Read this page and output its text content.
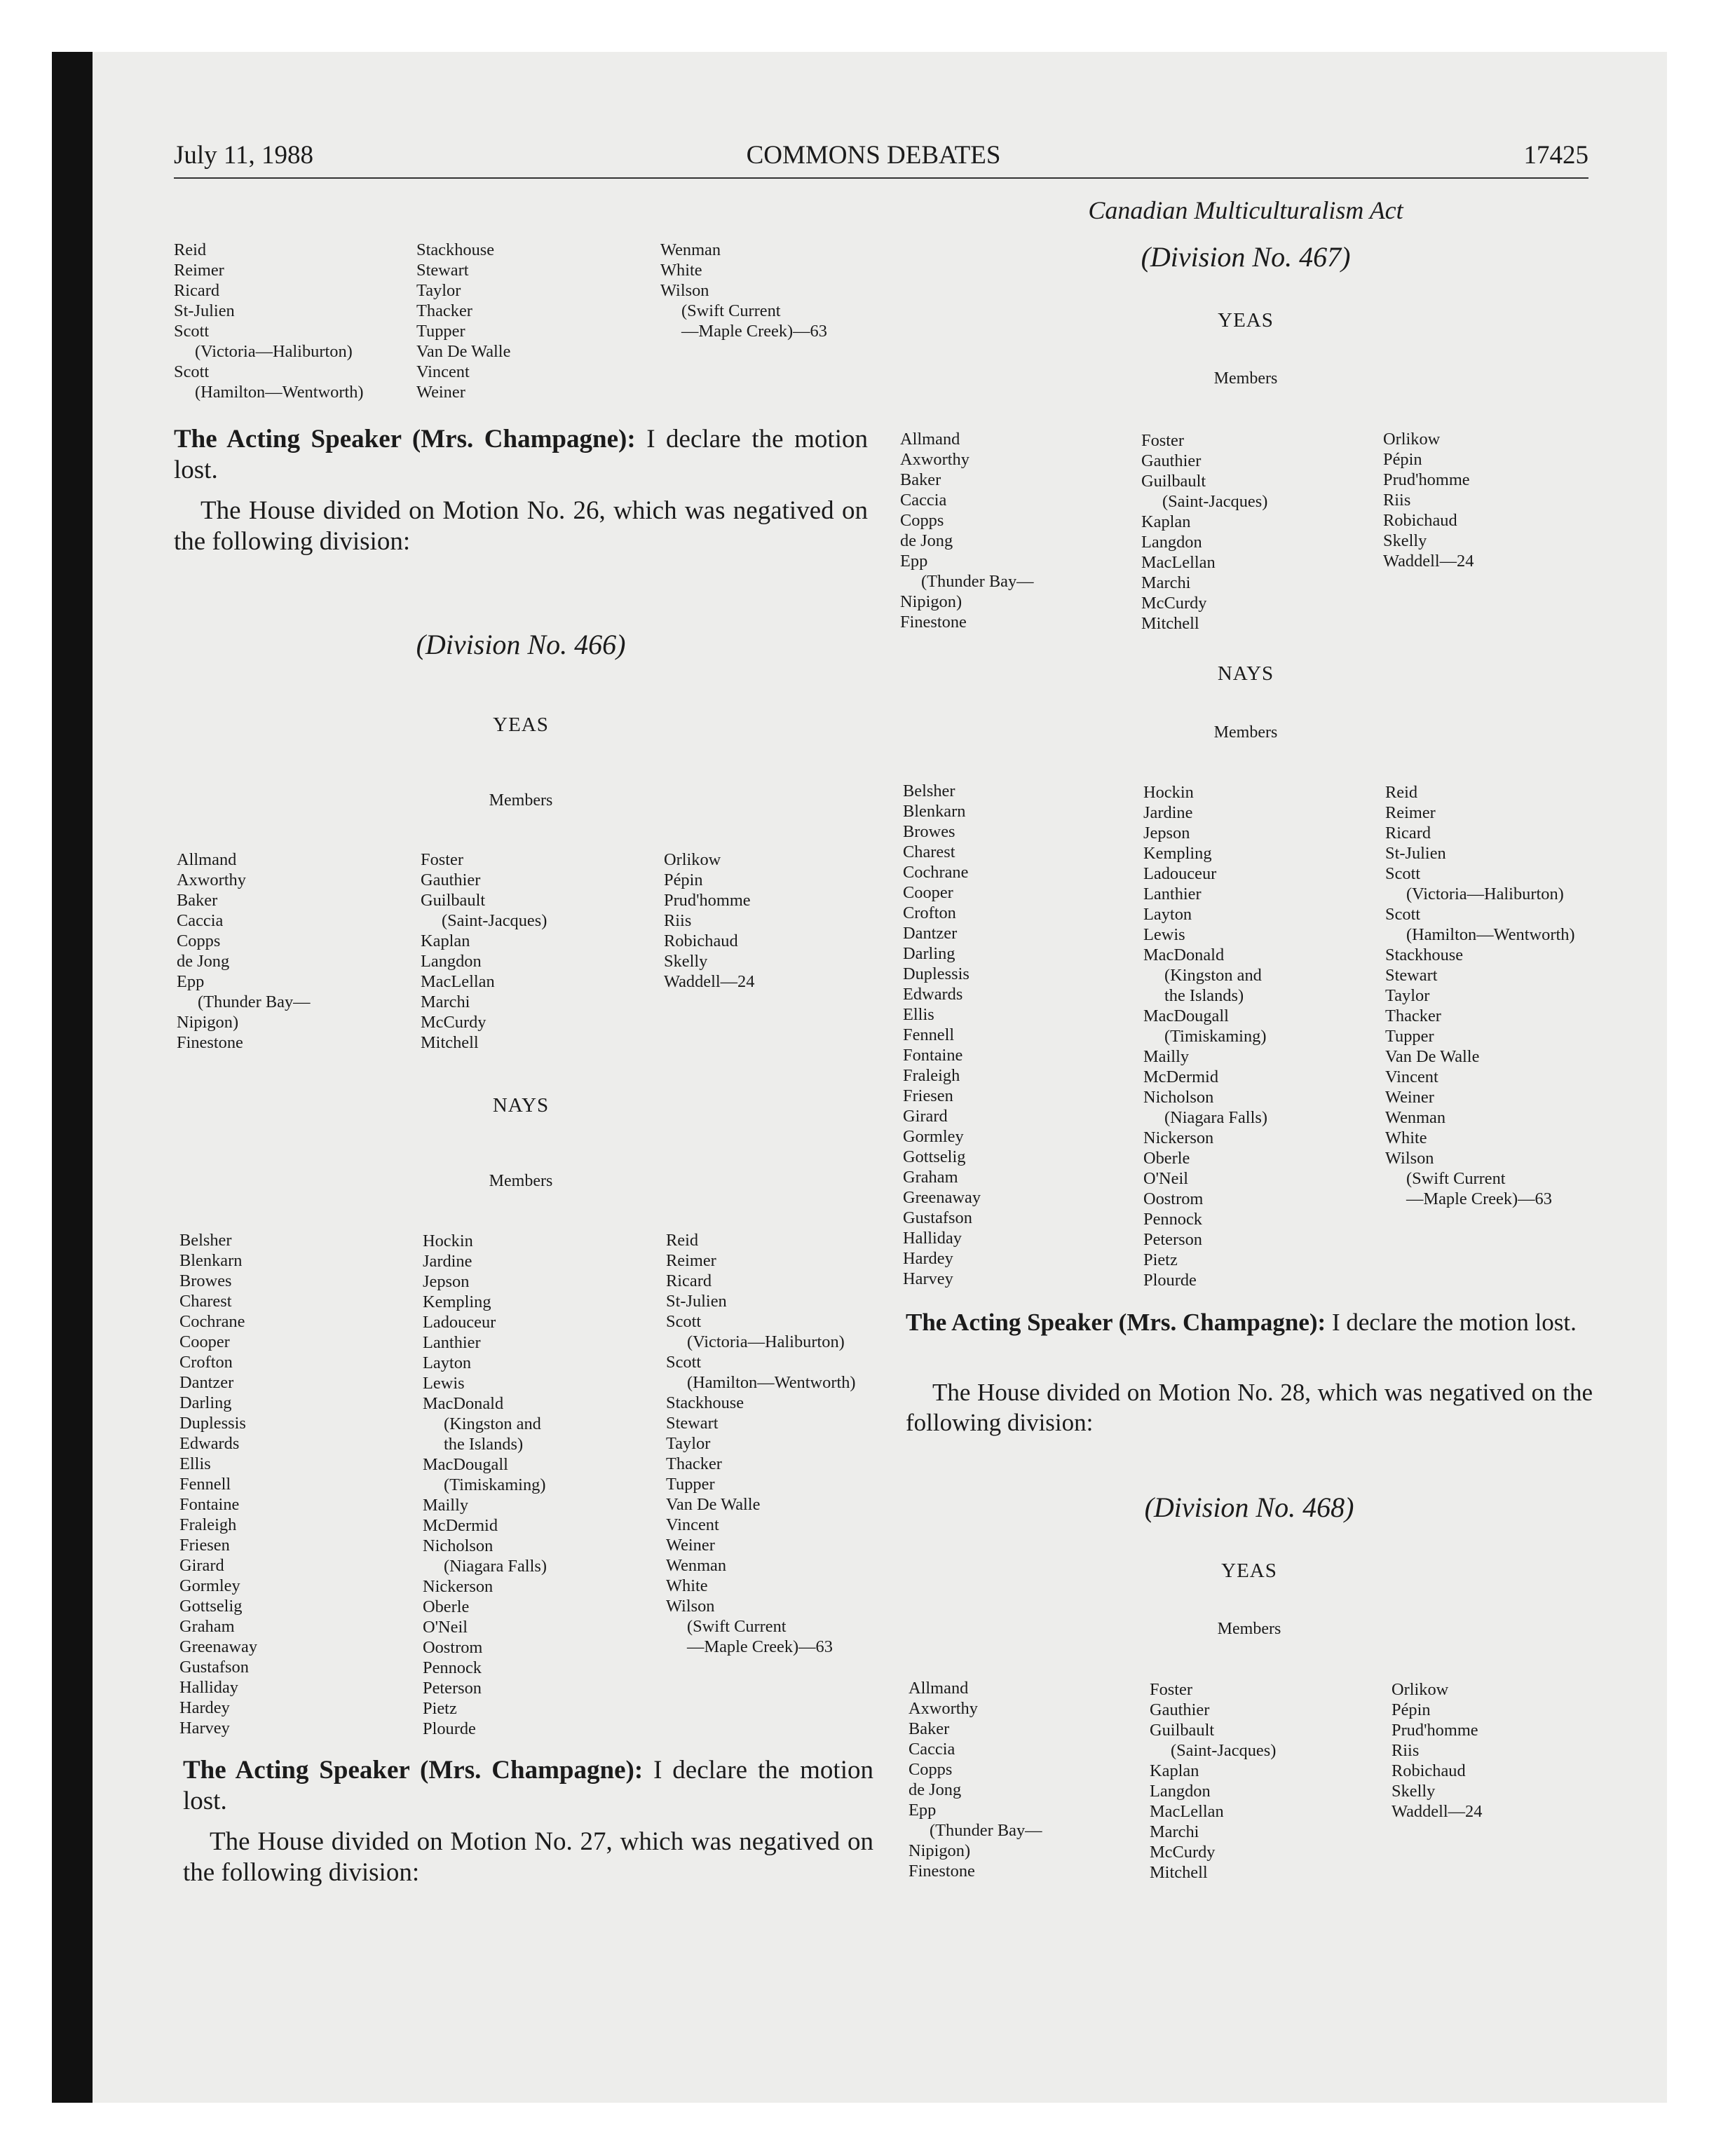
July 11, 1988	COMMONS DEBATES	17425
Reid
Reimer
Ricard
St-Julien
Scott
(Victoria—Haliburton)
Scott
(Hamilton—Wentworth)
Stackhouse
Stewart
Taylor
Thacker
Tupper
Van De Walle
Vincent
Weiner
Wenman
White
Wilson
(Swift Current
—Maple Creek)—63
The Acting Speaker (Mrs. Champagne): I declare the motion lost.
The House divided on Motion No. 26, which was negatived on the following division:
(Division No. 466)
YEAS
Members
Allmand
Axworthy
Baker
Caccia
Copps
de Jong
Epp
(Thunder Bay—
Nipigon)
Finestone
Foster
Gauthier
Guilbault
(Saint-Jacques)
Kaplan
Langdon
MacLellan
Marchi
McCurdy
Mitchell
Orlikow
Pépin
Prud'homme
Riis
Robichaud
Skelly
Waddell—24
NAYS
Members
Belsher
Blenkarn
Browes
Charest
Cochrane
Cooper
Crofton
Dantzer
Darling
Duplessis
Edwards
Ellis
Fennell
Fontaine
Fraleigh
Friesen
Girard
Gormley
Gottselig
Graham
Greenaway
Gustafson
Halliday
Hardey
Harvey
Hockin
Jardine
Jepson
Kempling
Ladouceur
Lanthier
Layton
Lewis
MacDonald
(Kingston and
the Islands)
MacDougall
(Timiskaming)
Mailly
McDermid
Nicholson
(Niagara Falls)
Nickerson
Oberle
O'Neil
Oostrom
Pennock
Peterson
Pietz
Plourde
Reid
Reimer
Ricard
St-Julien
Scott
(Victoria—Haliburton)
Scott
(Hamilton—Wentworth)
Stackhouse
Stewart
Taylor
Thacker
Tupper
Van De Walle
Vincent
Weiner
Wenman
White
Wilson
(Swift Current
—Maple Creek)—63
The Acting Speaker (Mrs. Champagne): I declare the motion lost.
The House divided on Motion No. 27, which was negatived on the following division:
Canadian Multiculturalism Act
(Division No. 467)
YEAS
Members
Allmand
Axworthy
Baker
Caccia
Copps
de Jong
Epp
(Thunder Bay—
Nipigon)
Finestone
Foster
Gauthier
Guilbault
(Saint-Jacques)
Kaplan
Langdon
MacLellan
Marchi
McCurdy
Mitchell
Orlikow
Pépin
Prud'homme
Riis
Robichaud
Skelly
Waddell—24
NAYS
Members
Belsher
Blenkarn
Browes
Charest
Cochrane
Cooper
Crofton
Dantzer
Darling
Duplessis
Edwards
Ellis
Fennell
Fontaine
Fraleigh
Friesen
Girard
Gormley
Gottselig
Graham
Greenaway
Gustafson
Halliday
Hardey
Harvey
Hockin
Jardine
Jepson
Kempling
Ladouceur
Lanthier
Layton
Lewis
MacDonald
(Kingston and
the Islands)
MacDougall
(Timiskaming)
Mailly
McDermid
Nicholson
(Niagara Falls)
Nickerson
Oberle
O'Neil
Oostrom
Pennock
Peterson
Pietz
Plourde
Reid
Reimer
Ricard
St-Julien
Scott
(Victoria—Haliburton)
Scott
(Hamilton—Wentworth)
Stackhouse
Stewart
Taylor
Thacker
Tupper
Van De Walle
Vincent
Weiner
Wenman
White
Wilson
(Swift Current
—Maple Creek)—63
The Acting Speaker (Mrs. Champagne): I declare the motion lost.
The House divided on Motion No. 28, which was negatived on the following division:
(Division No. 468)
YEAS
Members
Allmand
Axworthy
Baker
Caccia
Copps
de Jong
Epp
(Thunder Bay—
Nipigon)
Finestone
Foster
Gauthier
Guilbault
(Saint-Jacques)
Kaplan
Langdon
MacLellan
Marchi
McCurdy
Mitchell
Orlikow
Pépin
Prud'homme
Riis
Robichaud
Skelly
Waddell—24
